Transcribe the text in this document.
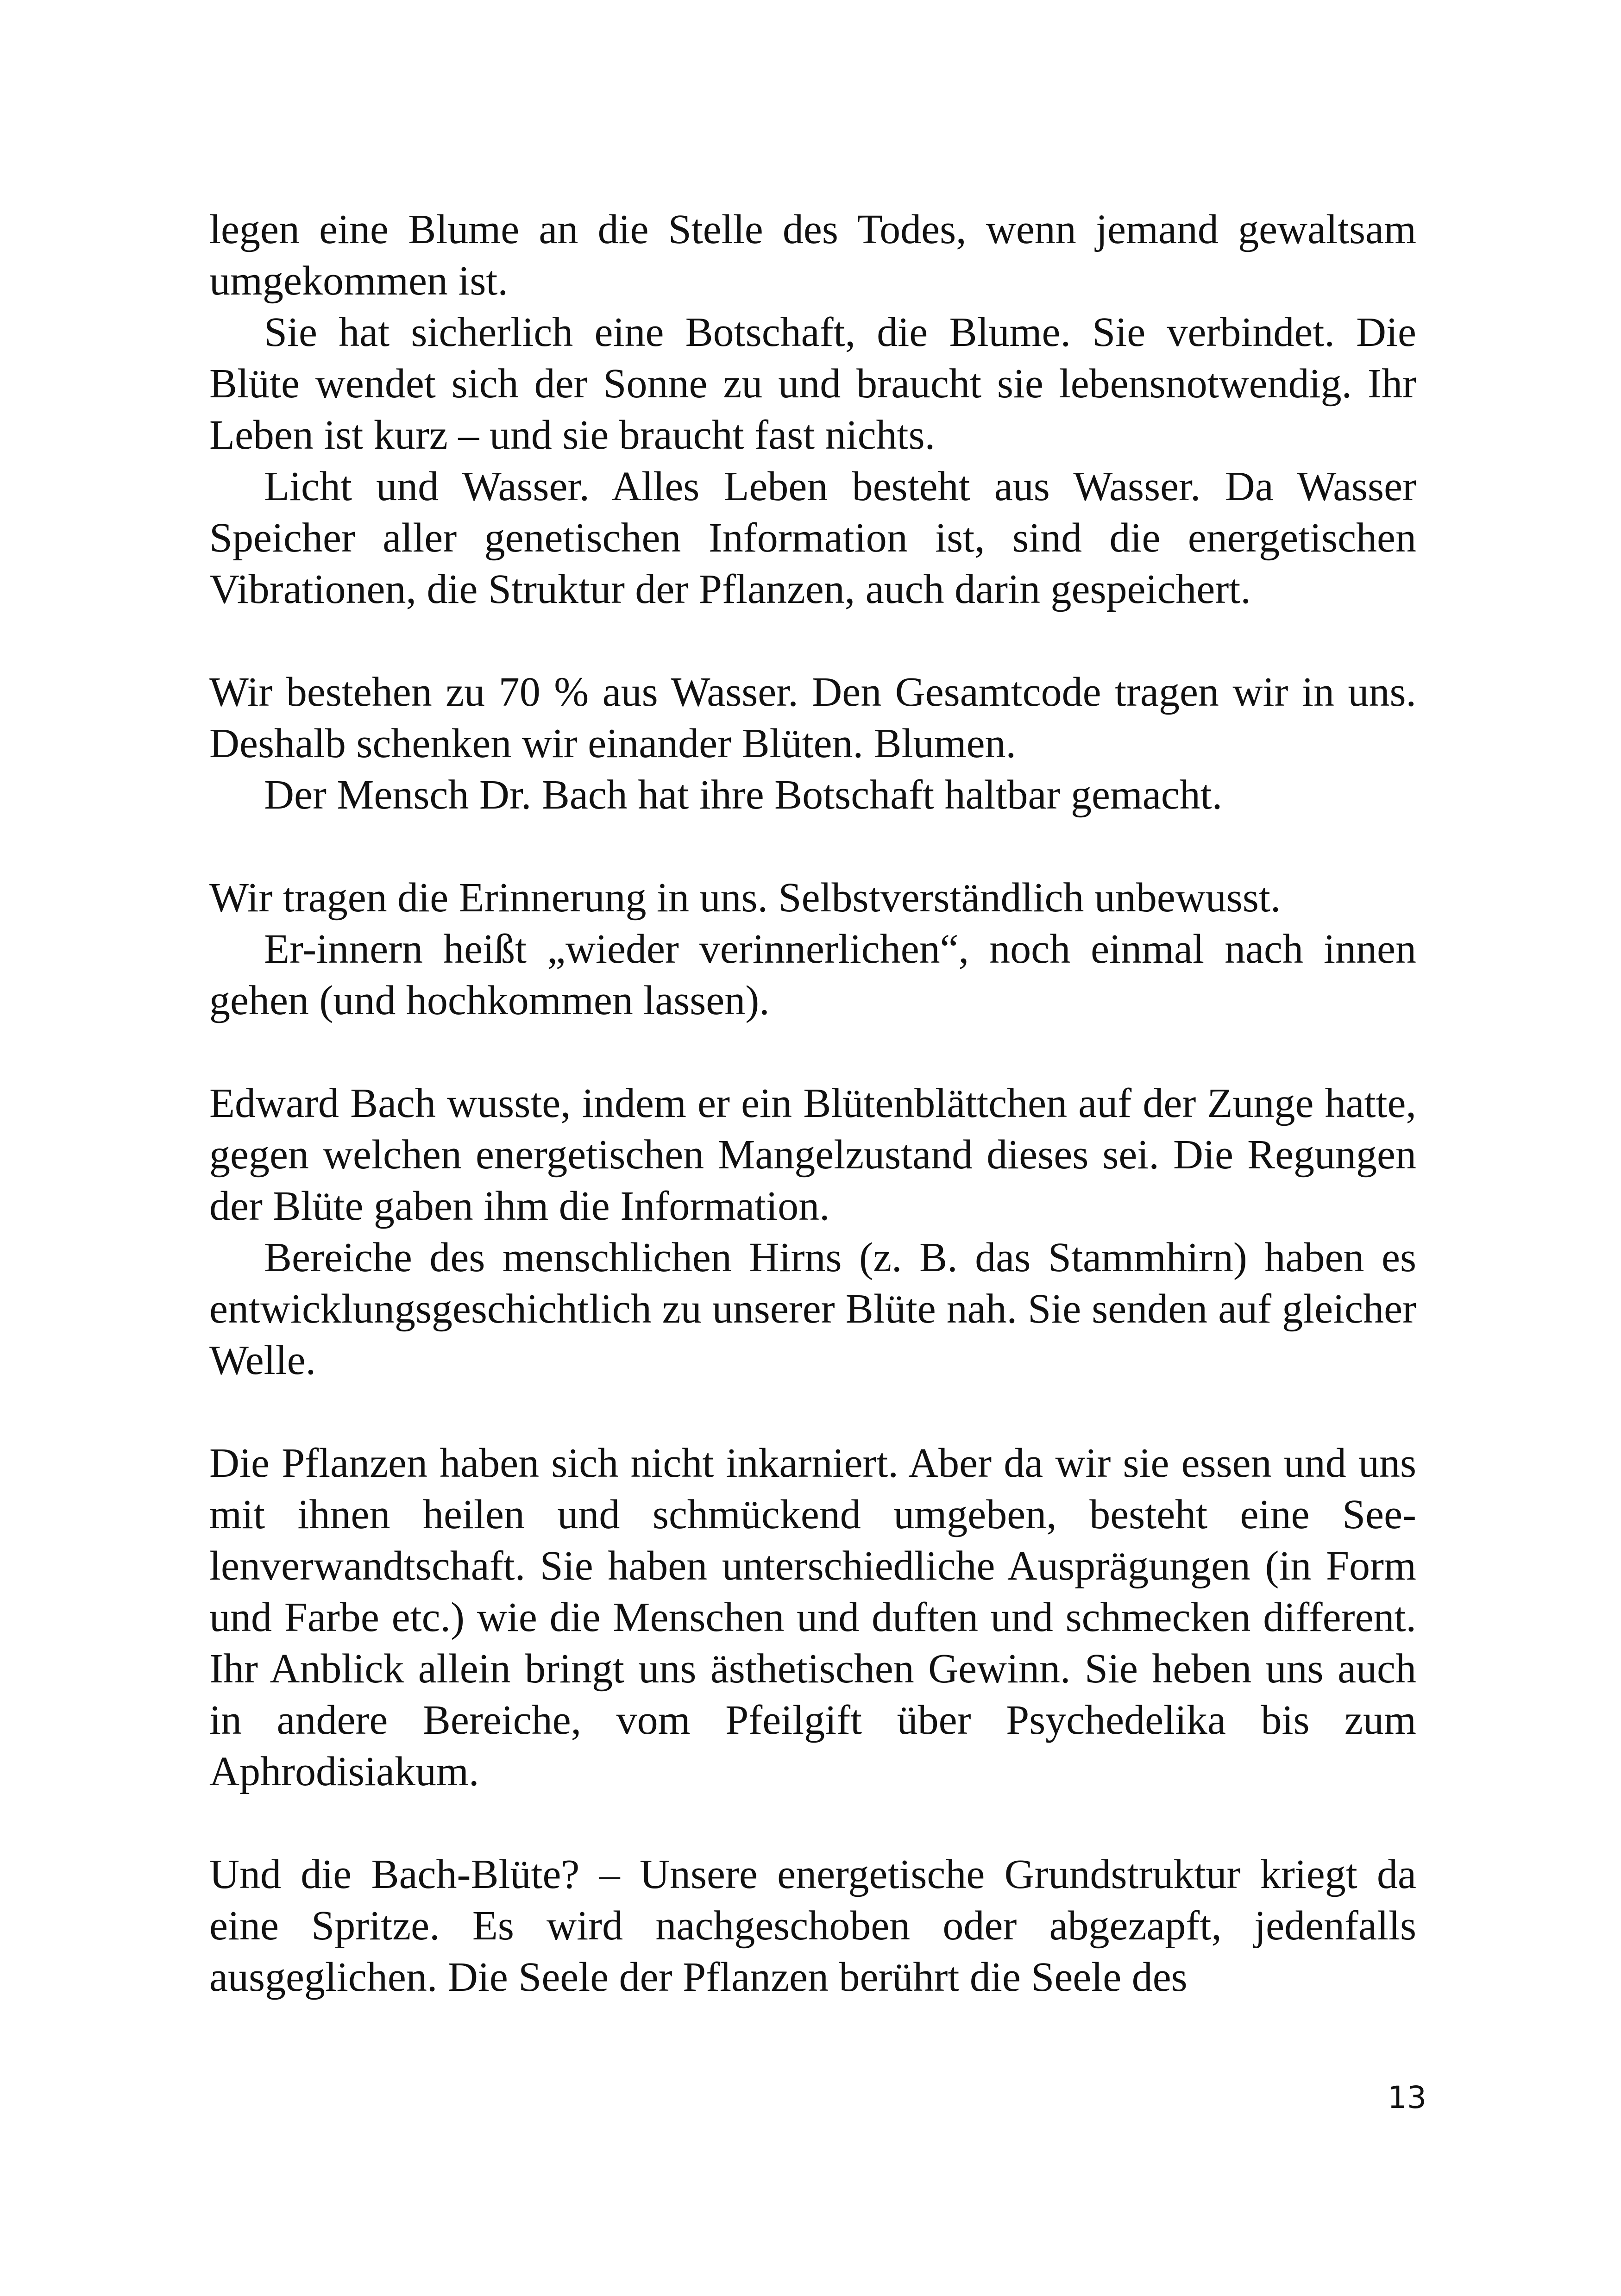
legen eine Blume an die Stelle des Todes, wenn jemand gewaltsam umgekommen ist.

Sie hat sicherlich eine Botschaft, die Blume. Sie verbindet. Die Blüte wendet sich der Sonne zu und braucht sie lebensnotwendig. Ihr Leben ist kurz – und sie braucht fast nichts.

Licht und Wasser. Alles Leben besteht aus Wasser. Da Wasser Speicher aller genetischen Information ist, sind die energetischen Vibrationen, die Struktur der Pflanzen, auch darin gespeichert.

Wir bestehen zu 70 % aus Wasser. Den Gesamtcode tragen wir in uns. Deshalb schenken wir einander Blüten. Blumen.

Der Mensch Dr. Bach hat ihre Botschaft haltbar gemacht.

Wir tragen die Erinnerung in uns. Selbstverständlich unbewusst.

Er-innern heißt „wieder verinnerlichen“, noch einmal nach innen gehen (und hochkommen lassen).

Edward Bach wusste, indem er ein Blütenblättchen auf der Zunge hatte, gegen welchen energetischen Mangelzustand dieses sei. Die Regungen der Blüte gaben ihm die Information.

Bereiche des menschlichen Hirns (z. B. das Stammhirn) haben es entwicklungsgeschichtlich zu unserer Blüte nah. Sie senden auf gleicher Welle.

Die Pflanzen haben sich nicht inkarniert. Aber da wir sie essen und uns mit ihnen heilen und schmückend umgeben, besteht eine Seelenverwandtschaft. Sie haben unterschiedliche Ausprägungen (in Form und Farbe etc.) wie die Menschen und duften und schmecken different. Ihr Anblick allein bringt uns ästhetischen Gewinn. Sie heben uns auch in andere Bereiche, vom Pfeilgift über Psychedelika bis zum Aphrodisiakum.

Und die Bach-Blüte? – Unsere energetische Grundstruktur kriegt da eine Spritze. Es wird nachgeschoben oder abgezapft, jedenfalls ausgeglichen. Die Seele der Pflanzen berührt die Seele des

13
